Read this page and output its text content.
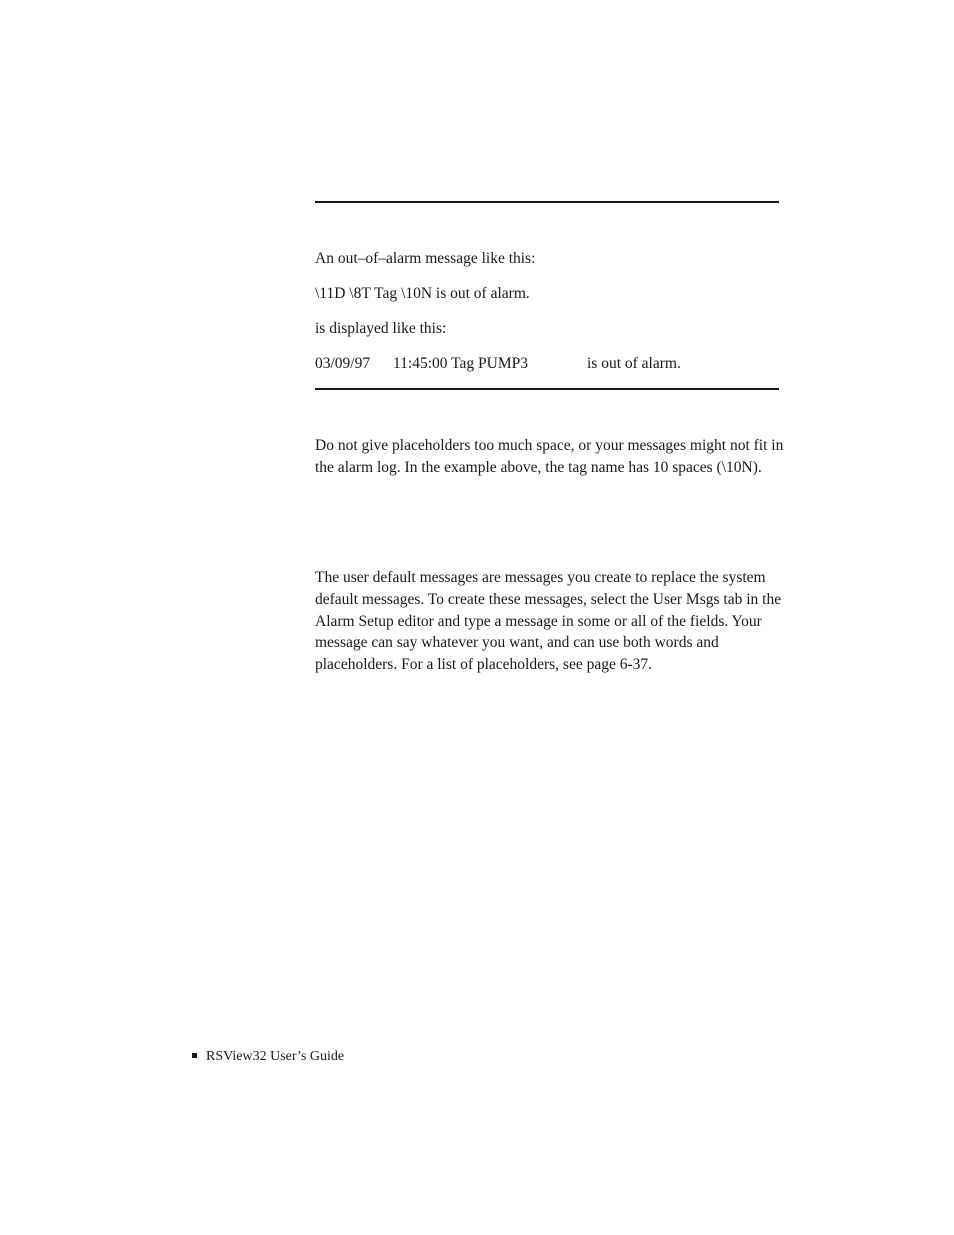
An out–of–alarm message like this:
\11D \8T Tag \10N is out of alarm.
is displayed like this:
03/09/97 11:45:00 Tag PUMP3	is out of alarm.
Do not give placeholders too much space, or your messages might not fit in the alarm log. In the example above, the tag name has 10 spaces (\10N).
The user default messages are messages you create to replace the system default messages. To create these messages, select the User Msgs tab in the Alarm Setup editor and type a message in some or all of the fields. Your message can say whatever you want, and can use both words and placeholders. For a list of placeholders, see page 6-37.
RSView32 User’s Guide
